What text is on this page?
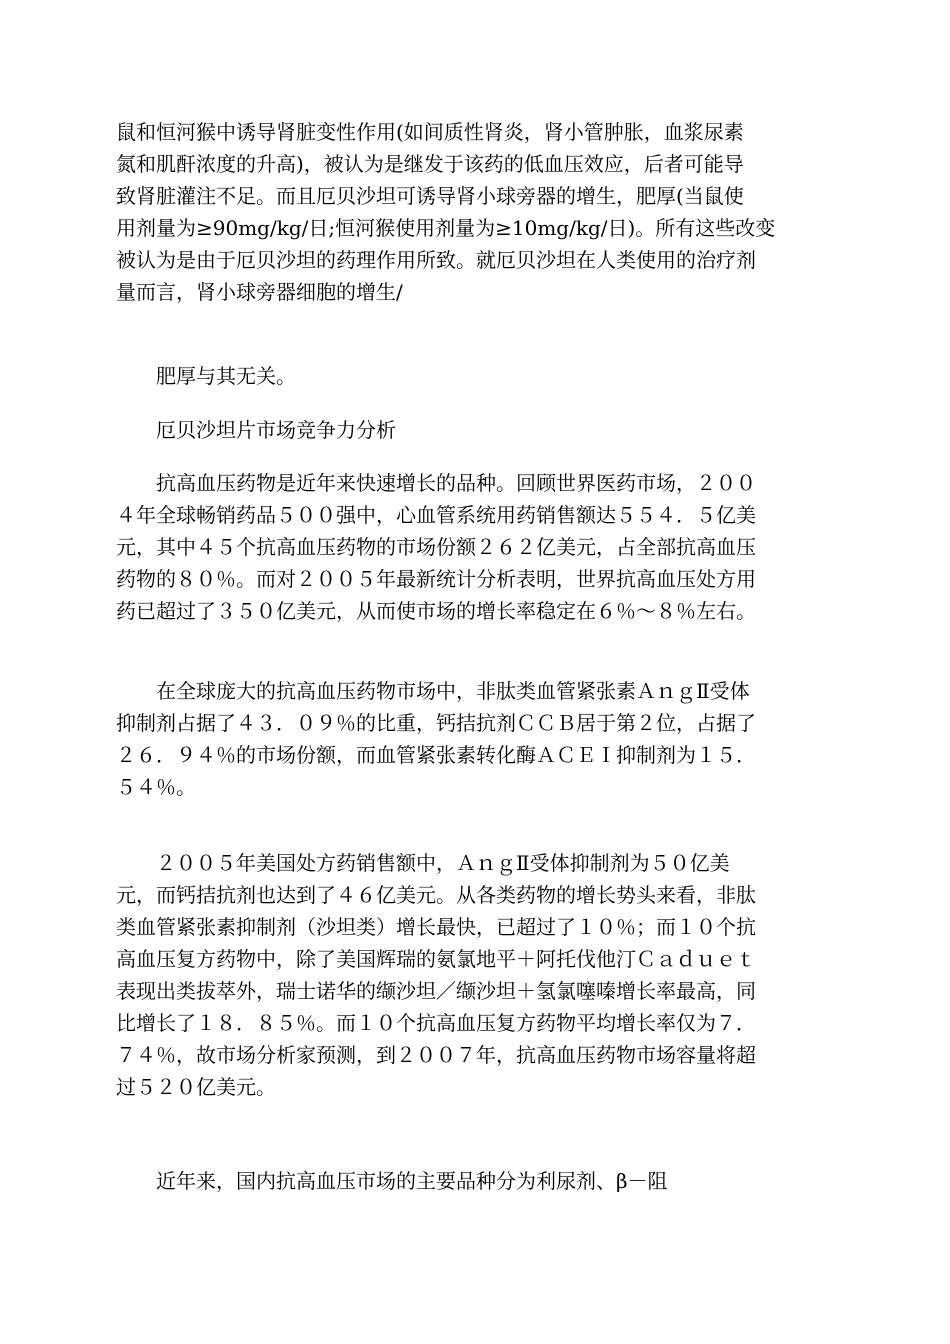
鼠和恒河猴中诱导肾脏变性作用(如间质性肾炎，肾小管肿胀，血浆尿素
氮和肌酐浓度的升高)，被认为是继发于该药的低血压效应，后者可能导
致肾脏灌注不足。而且厄贝沙坦可诱导肾小球旁器的增生，肥厚(当鼠使
用剂量为≥90mg/kg/日;恒河猴使用剂量为≥10mg/kg/日)。所有这些改变
被认为是由于厄贝沙坦的药理作用所致。就厄贝沙坦在人类使用的治疗剂
量而言，肾小球旁器细胞的增生/
肥厚与其无关。
厄贝沙坦片市场竞争力分析
抗高血压药物是近年来快速增长的品种。回顾世界医药市场，２００
４年全球畅销药品５００强中，心血管系统用药销售额达５５４．５亿美
元，其中４５个抗高血压药物的市场份额２６２亿美元，占全部抗高血压
药物的８０％。而对２００５年最新统计分析表明，世界抗高血压处方用
药已超过了３５０亿美元，从而使市场的增长率稳定在６％～８％左右。
在全球庞大的抗高血压药物市场中，非肽类血管紧张素ＡｎｇⅡ受体
抑制剂占据了４３．０９％的比重，钙拮抗剂ＣＣＢ居于第２位，占据了
２６．９４％的市场份额，而血管紧张素转化酶ＡＣＥＩ抑制剂为１５．
５４％。
２００５年美国处方药销售额中，ＡｎｇⅡ受体抑制剂为５０亿美
元，而钙拮抗剂也达到了４６亿美元。从各类药物的增长势头来看，非肽
类血管紧张素抑制剂（沙坦类）增长最快，已超过了１０％；而１０个抗
高血压复方药物中，除了美国辉瑞的氨氯地平＋阿托伐他汀Ｃａｄｕｅｔ
表现出类拔萃外，瑞士诺华的缬沙坦／缬沙坦＋氢氯噻嗪增长率最高，同
比增长了１８．８５％。而１０个抗高血压复方药物平均增长率仅为７．
７４％，故市场分析家预测，到２００７年，抗高血压药物市场容量将超
过５２０亿美元。
近年来，国内抗高血压市场的主要品种分为利尿剂、β－阻
